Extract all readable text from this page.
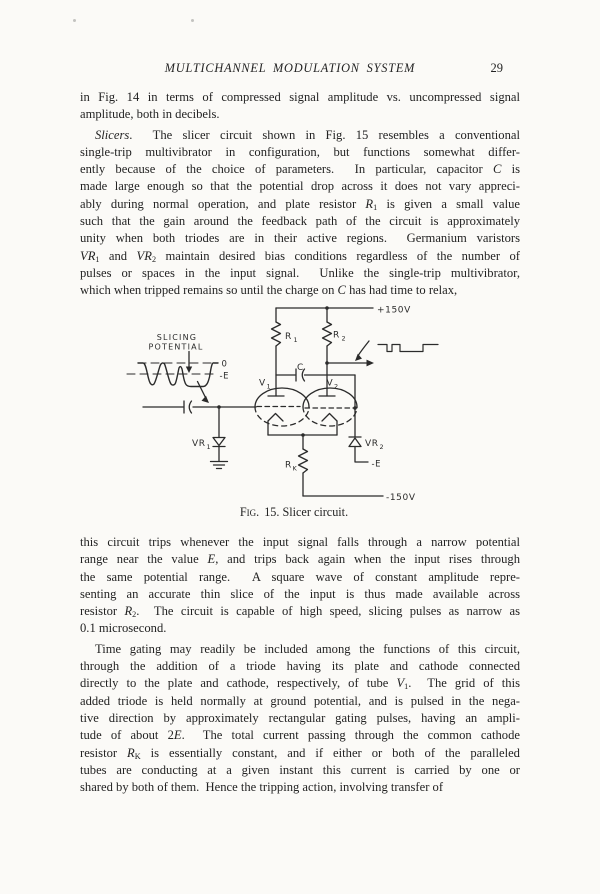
MULTICHANNEL MODULATION SYSTEM	29
in Fig. 14 in terms of compressed signal amplitude vs. uncompressed signal
amplitude, both in decibels.
Slicers.  The slicer circuit shown in Fig. 15 resembles a conventional
single-trip multivibrator in configuration, but functions somewhat differ-
ently because of the choice of parameters.  In particular, capacitor C is
made large enough so that the potential drop across it does not vary appreci-
ably during normal operation, and plate resistor $R_1$ is given a small value
such that the gain around the feedback path of the circuit is approximately
unity when both triodes are in their active regions.  Germanium varistors
$VR_1$ and $VR_2$ maintain desired bias conditions regardless of the number of
pulses or spaces in the input signal.  Unlike the single-trip multivibrator,
which when tripped remains so until the charge on C has had time to relax,
SLICING
POTENTIAL
0
-E
+150V
-150V
R 1	R 2
C
V 1	V 2
VR 1	VR 2
R K	-E
Fig. 15. Slicer circuit.
this circuit trips whenever the input signal falls through a narrow potential
range near the value E, and trips back again when the input rises through
the same potential range.  A square wave of constant amplitude repre-
senting an accurate thin slice of the input is thus made available across
resistor $R_2$.  The circuit is capable of high speed, slicing pulses as narrow as
0.1 microsecond.
Time gating may readily be included among the functions of this circuit,
through the addition of a triode having its plate and cathode connected
directly to the plate and cathode, respectively, of tube $V_1$.  The grid of this
added triode is held normally at ground potential, and is pulsed in the nega-
tive direction by approximately rectangular gating pulses, having an ampli-
tude of about 2E.  The total current passing through the common cathode
resistor $R_K$ is essentially constant, and if either or both of the paralleled
tubes are conducting at a given instant this current is carried by one or
shared by both of them.  Hence the tripping action, involving transfer of
